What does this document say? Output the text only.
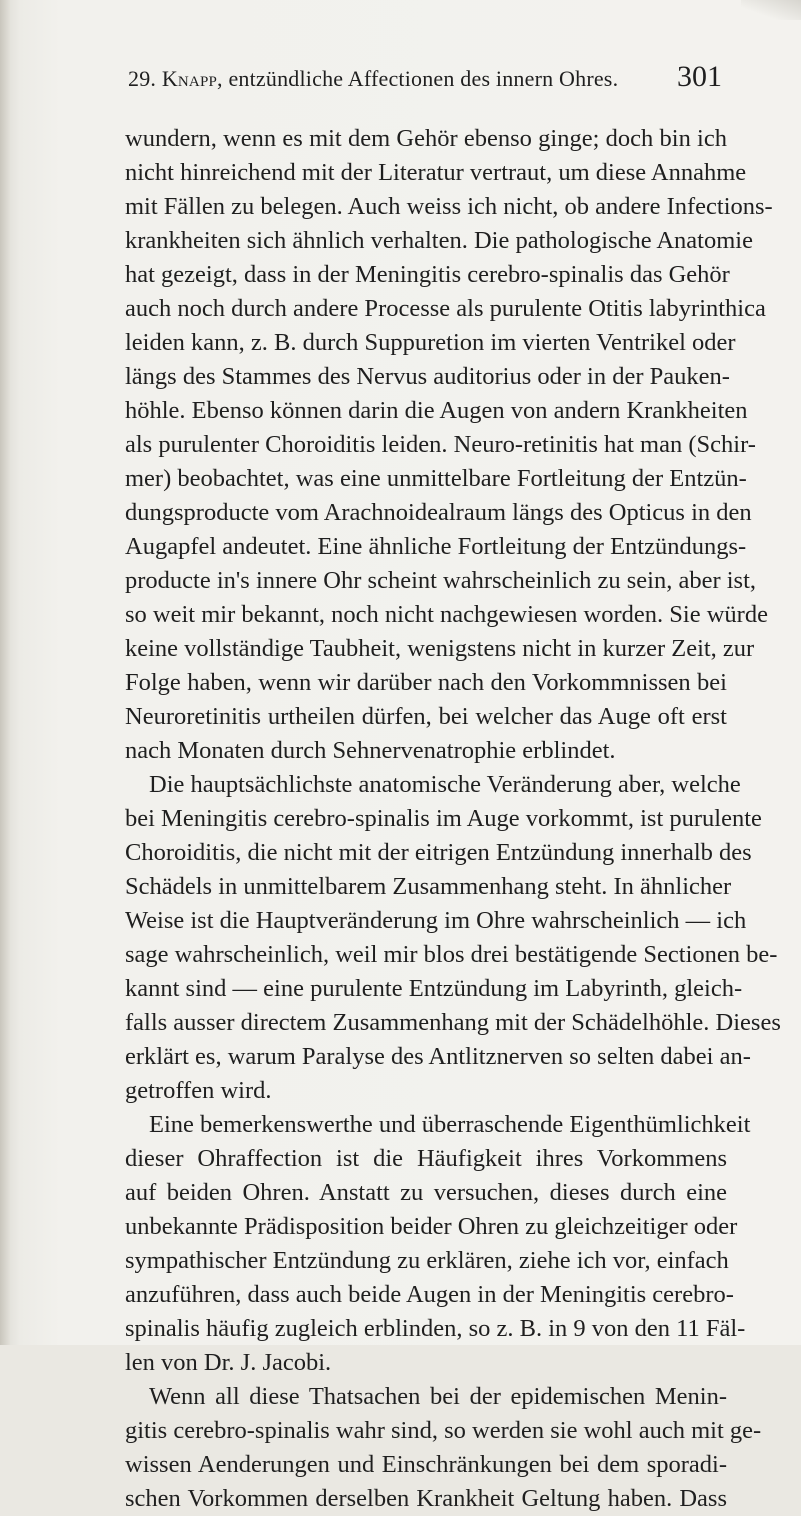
29. Knapp, entzündliche Affectionen des innern Ohres. 301
wundern, wenn es mit dem Gehör ebenso ginge; doch bin ich
nicht hinreichend mit der Literatur vertraut, um diese Annahme
mit Fällen zu belegen. Auch weiss ich nicht, ob andere Infections-
krankheiten sich ähnlich verhalten. Die pathologische Anatomie
hat gezeigt, dass in der Meningitis cerebro-spinalis das Gehör
auch noch durch andere Processe als purulente Otitis labyrinthica
leiden kann, z. B. durch Suppuretion im vierten Ventrikel oder
längs des Stammes des Nervus auditorius oder in der Pauken-
höhle. Ebenso können darin die Augen von andern Krankheiten
als purulenter Choroiditis leiden. Neuro-retinitis hat man (Schir-
mer) beobachtet, was eine unmittelbare Fortleitung der Entzün-
dungsproducte vom Arachnoidealraum längs des Opticus in den
Augapfel andeutet. Eine ähnliche Fortleitung der Entzündungs-
producte in's innere Ohr scheint wahrscheinlich zu sein, aber ist,
so weit mir bekannt, noch nicht nachgewiesen worden. Sie würde
keine vollständige Taubheit, wenigstens nicht in kurzer Zeit, zur
Folge haben, wenn wir darüber nach den Vorkommnissen bei
Neuroretinitis urtheilen dürfen, bei welcher das Auge oft erst
nach Monaten durch Sehnervenatrophie erblindet.
Die hauptsächlichste anatomische Veränderung aber, welche
bei Meningitis cerebro-spinalis im Auge vorkommt, ist purulente
Choroiditis, die nicht mit der eitrigen Entzündung innerhalb des
Schädels in unmittelbarem Zusammenhang steht. In ähnlicher
Weise ist die Hauptveränderung im Ohre wahrscheinlich — ich
sage wahrscheinlich, weil mir blos drei bestätigende Sectionen be-
kannt sind — eine purulente Entzündung im Labyrinth, gleich-
falls ausser directem Zusammenhang mit der Schädelhöhle. Dieses
erklärt es, warum Paralyse des Antlitznerven so selten dabei an-
getroffen wird.
Eine bemerkenswerthe und überraschende Eigenthümlichkeit
dieser Ohraffection ist die Häufigkeit ihres Vorkommens
auf beiden Ohren. Anstatt zu versuchen, dieses durch eine
unbekannte Prädisposition beider Ohren zu gleichzeitiger oder
sympathischer Entzündung zu erklären, ziehe ich vor, einfach
anzuführen, dass auch beide Augen in der Meningitis cerebro-
spinalis häufig zugleich erblinden, so z. B. in 9 von den 11 Fäl-
len von Dr. J. Jacobi.
Wenn all diese Thatsachen bei der epidemischen Menin-
gitis cerebro-spinalis wahr sind, so werden sie wohl auch mit ge-
wissen Aenderungen und Einschränkungen bei dem sporadi-
schen Vorkommen derselben Krankheit Geltung haben. Dass
